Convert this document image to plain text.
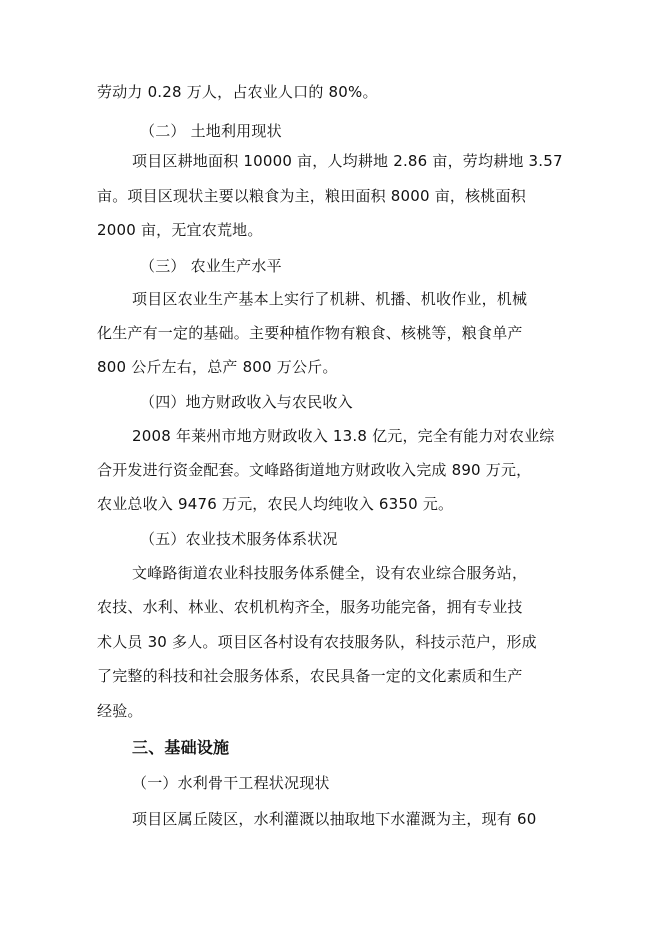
劳动力 0.28 万人，占农业人口的 80%。
（二） 土地利用现状
项目区耕地面积 10000 亩，人均耕地 2.86 亩，劳均耕地 3.57
亩。项目区现状主要以粮食为主，粮田面积 8000 亩，核桃面积
2000 亩，无宜农荒地。
（三） 农业生产水平
项目区农业生产基本上实行了机耕、机播、机收作业，机械
化生产有一定的基础。主要种植作物有粮食、核桃等，粮食单产
800 公斤左右，总产 800 万公斤。
（四）地方财政收入与农民收入
2008 年莱州市地方财政收入 13.8 亿元，完全有能力对农业综
合开发进行资金配套。文峰路街道地方财政收入完成 890 万元，
农业总收入 9476 万元，农民人均纯收入 6350 元。
（五）农业技术服务体系状况
文峰路街道农业科技服务体系健全，设有农业综合服务站，
农技、水利、林业、农机机构齐全，服务功能完备，拥有专业技
术人员 30 多人。项目区各村设有农技服务队，科技示范户，形成
了完整的科技和社会服务体系，农民具备一定的文化素质和生产
经验。
三、基础设施
（一）水利骨干工程状况现状
项目区属丘陵区，水利灌溉以抽取地下水灌溉为主，现有 60
